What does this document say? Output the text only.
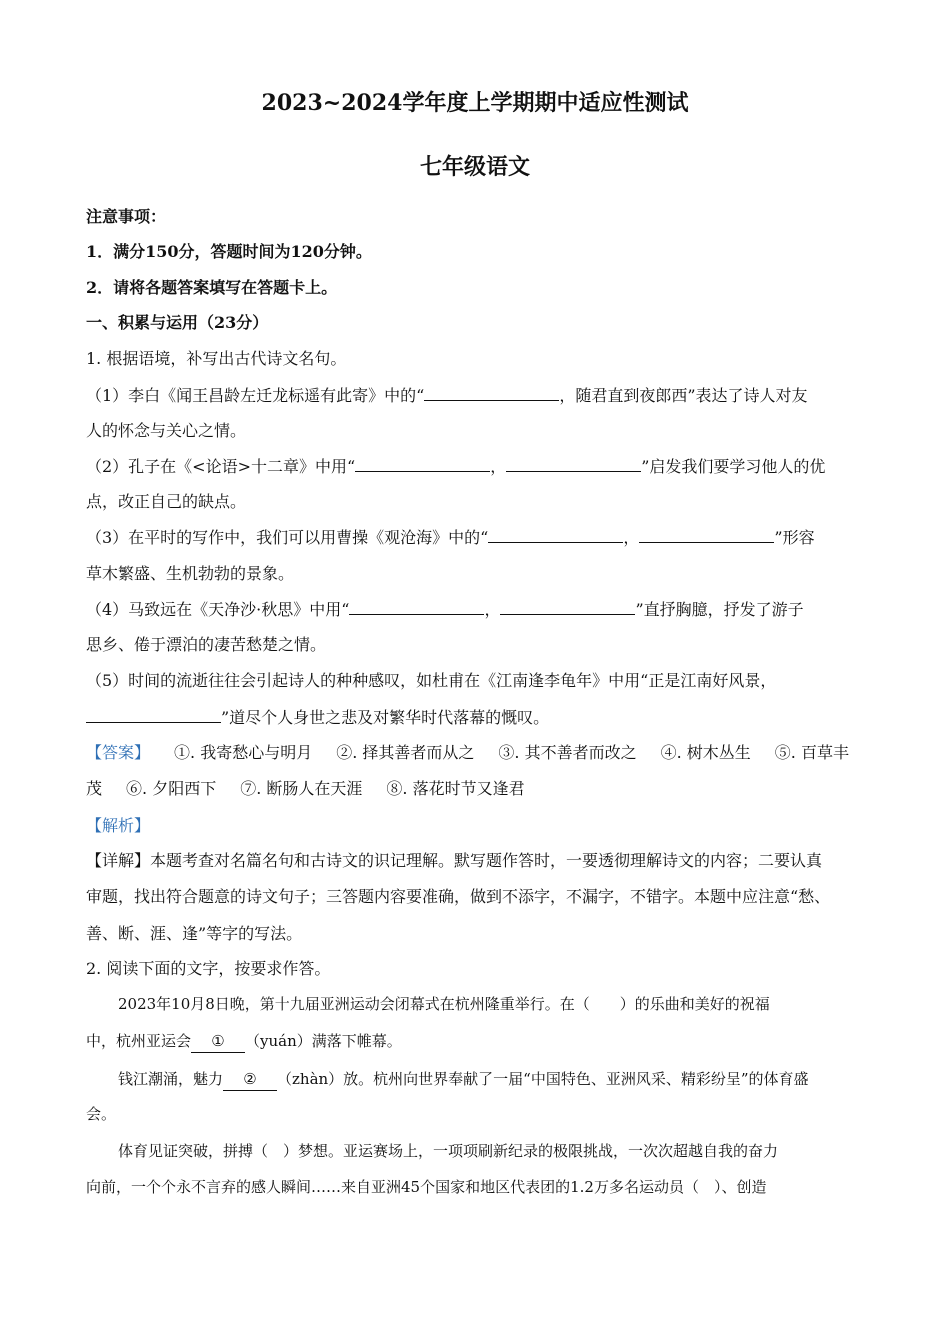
2023~2024学年度上学期期中适应性测试
七年级语文
注意事项：
1．满分150分，答题时间为120分钟。
2．请将各题答案填写在答题卡上。
一、积累与运用（23分）
1. 根据语境，补写出古代诗文名句。
（1）李白《闻王昌龄左迁龙标遥有此寄》中的“	，随君直到夜郎西”表达了诗人对友
人的怀念与关心之情。
（2）孔子在《<论语>十二章》中用“	，	”启发我们要学习他人的优
点，改正自己的缺点。
（3）在平时的写作中，我们可以用曹操《观沧海》中的“	，	”形容
草木繁盛、生机勃勃的景象。
（4）马致远在《天净沙·秋思》中用“	，	”直抒胸臆，抒发了游子
思乡、倦于漂泊的凄苦愁楚之情。
（5）时间的流逝往往会引起诗人的种种感叹，如杜甫在《江南逢李龟年》中用“正是江南好风景，
”道尽个人身世之悲及对繁华时代落幕的慨叹。
【答案】 ①. 我寄愁心与明月 ②. 择其善者而从之 ③. 其不善者而改之 ④. 树木丛生 ⑤. 百草丰
茂 ⑥. 夕阳西下 ⑦. 断肠人在天涯 ⑧. 落花时节又逢君
【解析】
【详解】本题考查对名篇名句和古诗文的识记理解。默写题作答时，一要透彻理解诗文的内容；二要认真
审题，找出符合题意的诗文句子；三答题内容要准确，做到不添字，不漏字，不错字。本题中应注意“愁、
善、断、涯、逢”等字的写法。
2. 阅读下面的文字，按要求作答。
2023年10月8日晚，第十九届亚洲运动会闭幕式在杭州隆重举行。在（　　）的乐曲和美好的祝福
中，杭州亚运会 ① （yuán）满落下帷幕。
钱江潮涌，魅力 ② （zhàn）放。杭州向世界奉献了一届“中国特色、亚洲风采、精彩纷呈”的体育盛
会。
体育见证突破，拼搏（　）梦想。亚运赛场上，一项项刷新纪录的极限挑战，一次次超越自我的奋力
向前，一个个永不言弃的感人瞬间……来自亚洲45个国家和地区代表团的1.2万多名运动员（　）、创造
